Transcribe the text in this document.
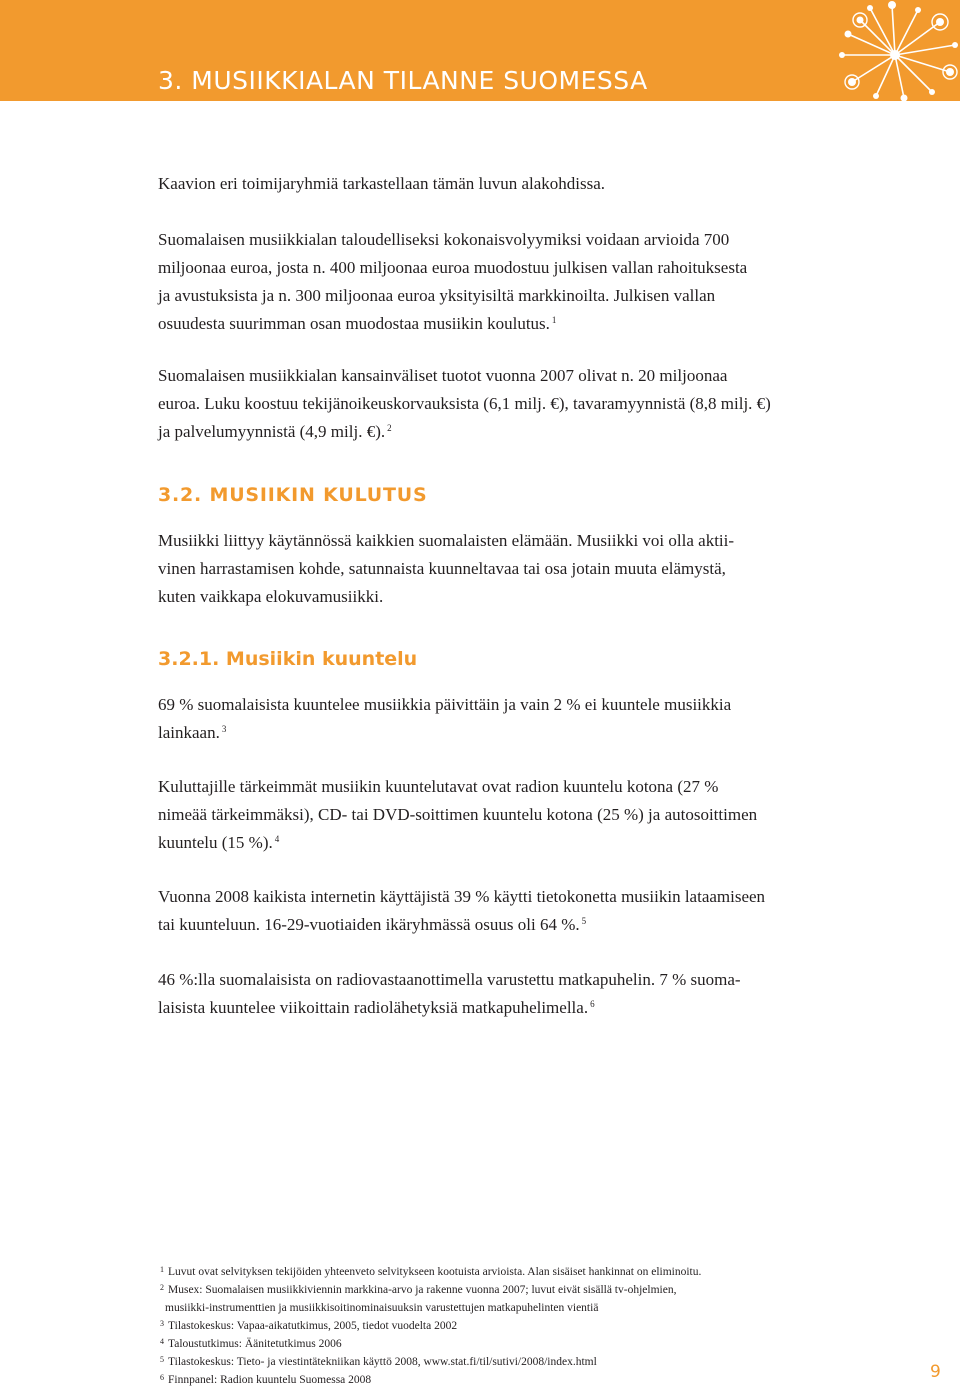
3. MUSIIKKIALAN TILANNE SUOMESSA

Kaavion eri toimijaryhmiä tarkastellaan tämän luvun alakohdissa.

Suomalaisen musiikkialan taloudelliseksi kokonaisvolyymiksi voidaan arvioida 700
miljoonaa euroa, josta n. 400 miljoonaa euroa muodostuu julkisen vallan rahoituksesta
ja avustuksista ja n. 300 miljoonaa euroa yksityisiltä markkinoilta. Julkisen vallan
osuudesta suurimman osan muodostaa musiikin koulutus. $^1$

Suomalaisen musiikkialan kansainväliset tuotot vuonna 2007 olivat n. 20 miljoonaa
euroa. Luku koostuu tekijänoikeuskorvauksista (6,1 milj. €), tavaramyynnistä (8,8 milj. €)
ja palvelumyynnistä (4,9 milj. €). $^2$

3.2. MUSIIKIN KULUTUS

Musiikki liittyy käytännössä kaikkien suomalaisten elämään. Musiikki voi olla aktii-
vinen harrastamisen kohde, satunnaista kuunneltavaa tai osa jotain muuta elämystä,
kuten vaikkapa elokuvamusiikki.

3.2.1. Musiikin kuuntelu

69 % suomalaisista kuuntelee musiikkia päivittäin ja vain 2 % ei kuuntele musiikkia
lainkaan. $^3$

Kuluttajille tärkeimmät musiikin kuuntelutavat ovat radion kuuntelu kotona (27 %
nimeää tärkeimmäksi), CD- tai DVD-soittimen kuuntelu kotona (25 %) ja autosoittimen
kuuntelu (15 %). $^4$

Vuonna 2008 kaikista internetin käyttäjistä 39 % käytti tietokonetta musiikin lataamiseen
tai kuunteluun. 16-29-vuotiaiden ikäryhmässä osuus oli 64 %. $^5$

46 %:lla suomalaisista on radiovastaanottimella varustettu matkapuhelin. 7 % suoma-
laisista kuuntelee viikoittain radiolähetyksiä matkapuhelimella. $^6$

$^1$ Luvut ovat selvityksen tekijöiden yhteenveto selvitykseen kootuista arvioista. Alan sisäiset hankinnat on eliminoitu.
$^2$ Musex: Suomalaisen musiikkiviennin markkina-arvo ja rakenne vuonna 2007; luvut eivät sisällä tv-ohjelmien,
musiikki-instrumenttien ja musiikkisoitinominaisuuksin varustettujen matkapuhelinten vientiä
$^3$ Tilastokeskus: Vapaa-aikatutkimus, 2005, tiedot vuodelta 2002
$^4$ Taloustutkimus: Äänitetutkimus 2006
$^5$ Tilastokeskus: Tieto- ja viestintätekniikan käyttö 2008, www.stat.fi/til/sutivi/2008/index.html
$^6$ Finnpanel: Radion kuuntelu Suomessa 2008	9
